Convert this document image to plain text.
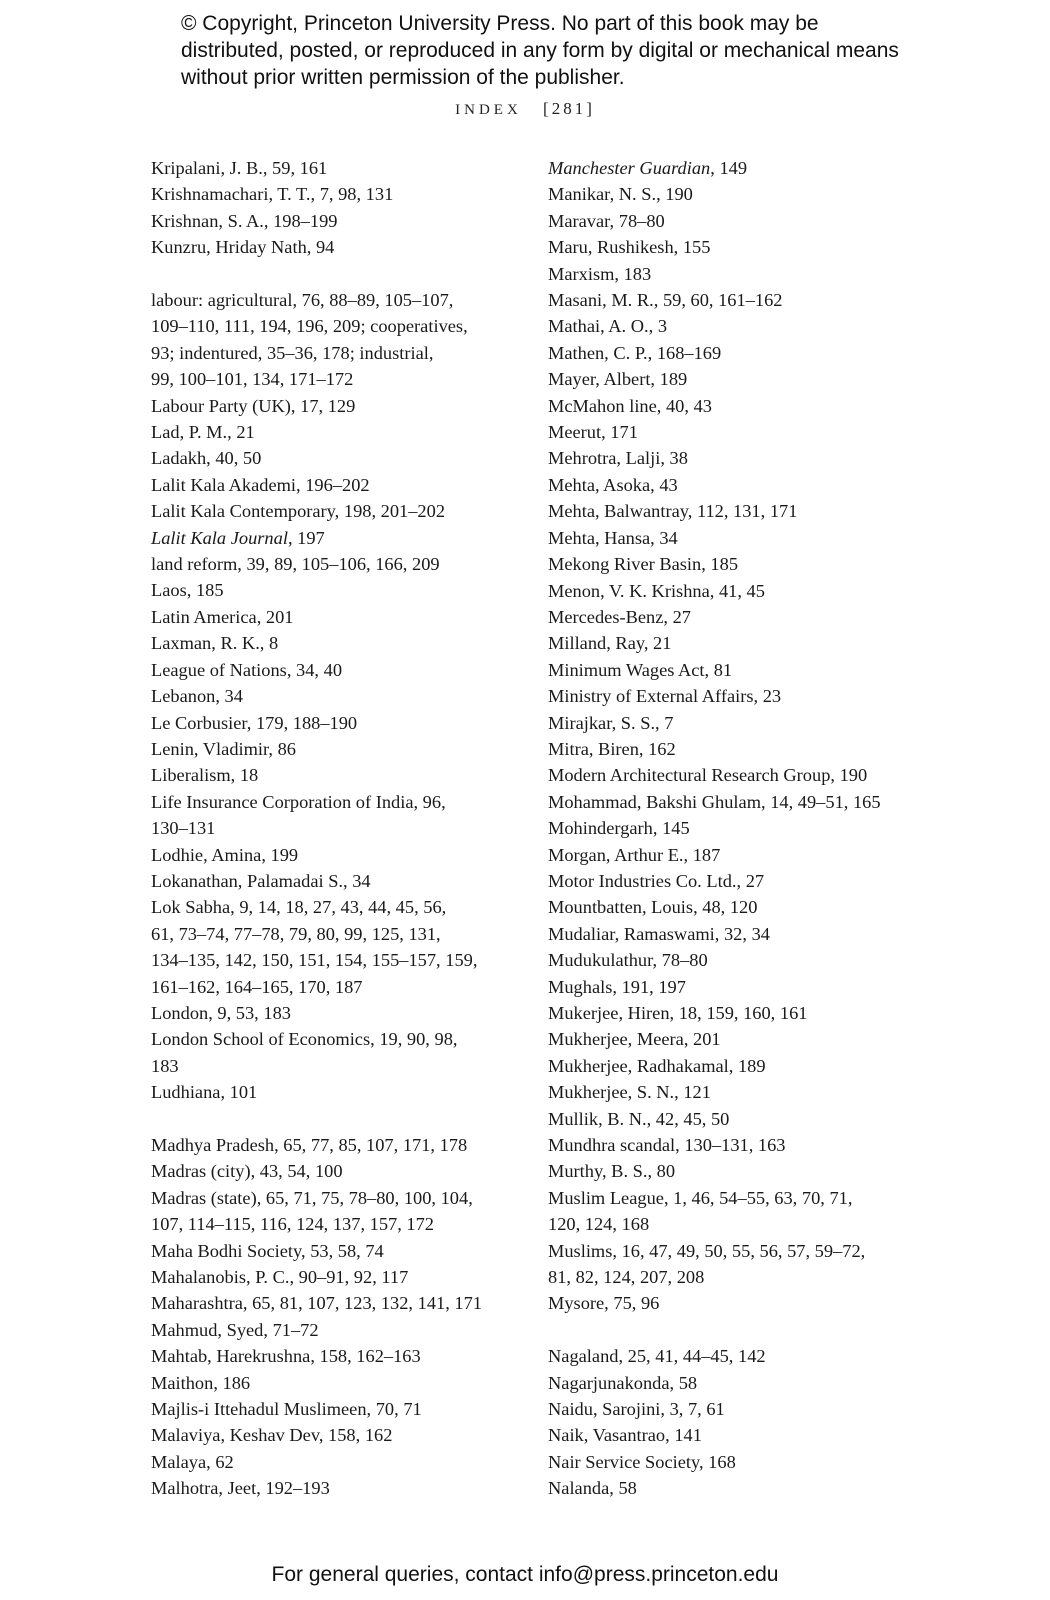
© Copyright, Princeton University Press. No part of this book may be distributed, posted, or reproduced in any form by digital or mechanical means without prior written permission of the publisher.
INDEX [281]
Kripalani, J. B., 59, 161
Krishnamachari, T. T., 7, 98, 131
Krishnan, S. A., 198–199
Kunzru, Hriday Nath, 94
labour: agricultural, 76, 88–89, 105–107,
109–110, 111, 194, 196, 209; cooperatives,
93; indentured, 35–36, 178; industrial,
99, 100–101, 134, 171–172
Labour Party (UK), 17, 129
Lad, P. M., 21
Ladakh, 40, 50
Lalit Kala Akademi, 196–202
Lalit Kala Contemporary, 198, 201–202
Lalit Kala Journal, 197
land reform, 39, 89, 105–106, 166, 209
Laos, 185
Latin America, 201
Laxman, R. K., 8
League of Nations, 34, 40
Lebanon, 34
Le Corbusier, 179, 188–190
Lenin, Vladimir, 86
Liberalism, 18
Life Insurance Corporation of India, 96,
130–131
Lodhie, Amina, 199
Lokanathan, Palamadai S., 34
Lok Sabha, 9, 14, 18, 27, 43, 44, 45, 56,
61, 73–74, 77–78, 79, 80, 99, 125, 131,
134–135, 142, 150, 151, 154, 155–157, 159,
161–162, 164–165, 170, 187
London, 9, 53, 183
London School of Economics, 19, 90, 98,
183
Ludhiana, 101
Madhya Pradesh, 65, 77, 85, 107, 171, 178
Madras (city), 43, 54, 100
Madras (state), 65, 71, 75, 78–80, 100, 104,
107, 114–115, 116, 124, 137, 157, 172
Maha Bodhi Society, 53, 58, 74
Mahalanobis, P. C., 90–91, 92, 117
Maharashtra, 65, 81, 107, 123, 132, 141, 171
Mahmud, Syed, 71–72
Mahtab, Harekrushna, 158, 162–163
Maithon, 186
Majlis-i Ittehadul Muslimeen, 70, 71
Malaviya, Keshav Dev, 158, 162
Malaya, 62
Malhotra, Jeet, 192–193
Manchester Guardian, 149
Manikar, N. S., 190
Maravar, 78–80
Maru, Rushikesh, 155
Marxism, 183
Masani, M. R., 59, 60, 161–162
Mathai, A. O., 3
Mathen, C. P., 168–169
Mayer, Albert, 189
McMahon line, 40, 43
Meerut, 171
Mehrotra, Lalji, 38
Mehta, Asoka, 43
Mehta, Balwantray, 112, 131, 171
Mehta, Hansa, 34
Mekong River Basin, 185
Menon, V. K. Krishna, 41, 45
Mercedes-Benz, 27
Milland, Ray, 21
Minimum Wages Act, 81
Ministry of External Affairs, 23
Mirajkar, S. S., 7
Mitra, Biren, 162
Modern Architectural Research Group, 190
Mohammad, Bakshi Ghulam, 14, 49–51, 165
Mohindergarh, 145
Morgan, Arthur E., 187
Motor Industries Co. Ltd., 27
Mountbatten, Louis, 48, 120
Mudaliar, Ramaswami, 32, 34
Mudukulathur, 78–80
Mughals, 191, 197
Mukerjee, Hiren, 18, 159, 160, 161
Mukherjee, Meera, 201
Mukherjee, Radhakamal, 189
Mukherjee, S. N., 121
Mullik, B. N., 42, 45, 50
Mundhra scandal, 130–131, 163
Murthy, B. S., 80
Muslim League, 1, 46, 54–55, 63, 70, 71,
120, 124, 168
Muslims, 16, 47, 49, 50, 55, 56, 57, 59–72,
81, 82, 124, 207, 208
Mysore, 75, 96
Nagaland, 25, 41, 44–45, 142
Nagarjunakonda, 58
Naidu, Sarojini, 3, 7, 61
Naik, Vasantrao, 141
Nair Service Society, 168
Nalanda, 58
For general queries, contact info@press.princeton.edu
